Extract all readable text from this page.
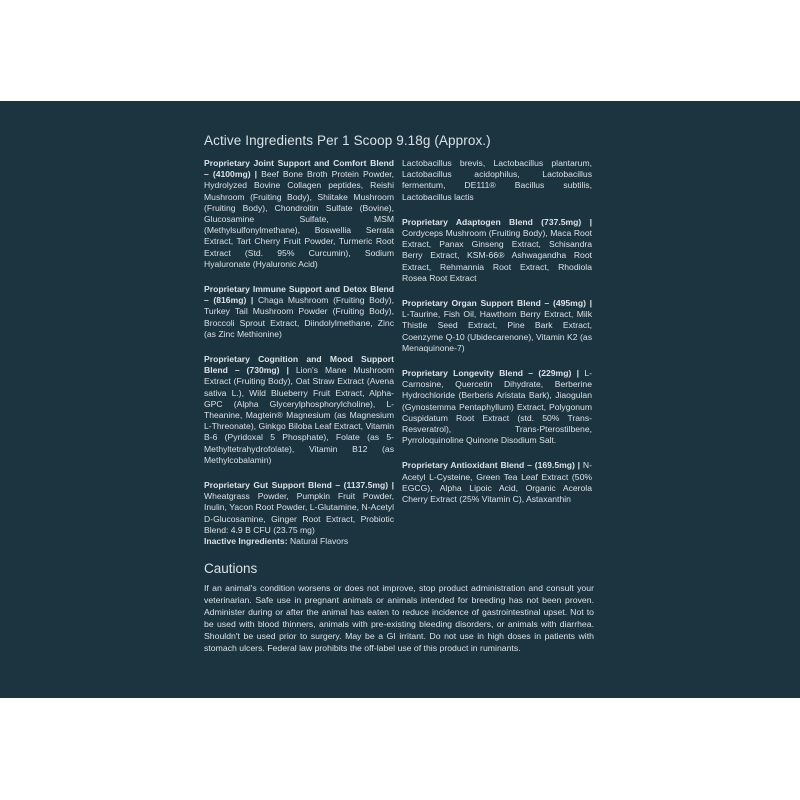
Active Ingredients Per 1 Scoop 9.18g (Approx.)

Proprietary Joint Support and Comfort Blend – (4100mg) | Beef Bone Broth Protein Powder, Hydrolyzed Bovine Collagen peptides, Reishi Mushroom (Fruiting Body), Shiitake Mushroom (Fruiting Body), Chondroitin Sulfate (Bovine), Glucosamine Sulfate, MSM (Methylsulfonylmethane), Boswellia Serrata Extract, Tart Cherry Fruit Powder, Turmeric Root Extract (Std. 95% Curcumin), Sodium Hyaluronate (Hyaluronic Acid)

Proprietary Immune Support and Detox Blend – (816mg) | Chaga Mushroom (Fruiting Body), Turkey Tail Mushroom Powder (Fruiting Body), Broccoli Sprout Extract, Diindolylmethane, Zinc (as Zinc Methionine)

Proprietary Cognition and Mood Support Blend – (730mg) | Lion's Mane Mushroom Extract (Fruiting Body), Oat Straw Extract (Avena sativa L.), Wild Blueberry Fruit Extract, Alpha-GPC (Alpha Glycerylphosphorylcholine), L-Theanine, Magtein® Magnesium (as Magnesium L-Threonate), Ginkgo Biloba Leaf Extract, Vitamin B-6 (Pyridoxal 5 Phosphate), Folate (as 5-Methyltetrahydrofolate), Vitamin B12 (as Methylcobalamin)

Proprietary Gut Support Blend – (1137.5mg) | Wheatgrass Powder, Pumpkin Fruit Powder, Inulin, Yacon Root Powder, L-Glutamine, N-Acetyl D-Glucosamine, Ginger Root Extract, Probiotic Blend: 4.9 B CFU (23.75 mg)

Lactobacillus brevis, Lactobacillus plantarum, Lactobacillus acidophilus, Lactobacillus fermentum, DE111® Bacillus subtilis, Lactobacillus lactis

Proprietary Adaptogen Blend (737.5mg) | Cordyceps Mushroom (Fruiting Body), Maca Root Extract, Panax Ginseng Extract, Schisandra Berry Extract, KSM-66® Ashwagandha Root Extract, Rehmannia Root Extract, Rhodiola Rosea Root Extract

Proprietary Organ Support Blend – (495mg) | L-Taurine, Fish Oil, Hawthorn Berry Extract, Milk Thistle Seed Extract, Pine Bark Extract, Coenzyme Q-10 (Ubidecarenone), Vitamin K2 (as Menaquinone-7)

Proprietary Longevity Blend – (229mg) | L-Carnosine, Quercetin Dihydrate, Berberine Hydrochloride (Berberis Aristata Bark), Jiaogulan (Gynostemma Pentaphyllum) Extract, Polygonum Cuspidatum Root Extract (std. 50% Trans-Resveratrol), Trans-Pterostilbene, Pyrroloquinoline Quinone Disodium Salt.

Proprietary Antioxidant Blend – (169.5mg) | N-Acetyl L-Cysteine, Green Tea Leaf Extract (50% EGCG), Alpha Lipoic Acid, Organic Acerola Cherry Extract (25% Vitamin C), Astaxanthin

Inactive Ingredients: Natural Flavors
Cautions

If an animal's condition worsens or does not improve, stop product administration and consult your veterinarian. Safe use in pregnant animals or animals intended for breeding has not been proven. Administer during or after the animal has eaten to reduce incidence of gastrointestinal upset. Not to be used with blood thinners, animals with pre-existing bleeding disorders, or animals with diarrhea. Shouldn't be used prior to surgery. May be a GI irritant. Do not use in high doses in patients with stomach ulcers. Federal law prohibits the off-label use of this product in ruminants.
